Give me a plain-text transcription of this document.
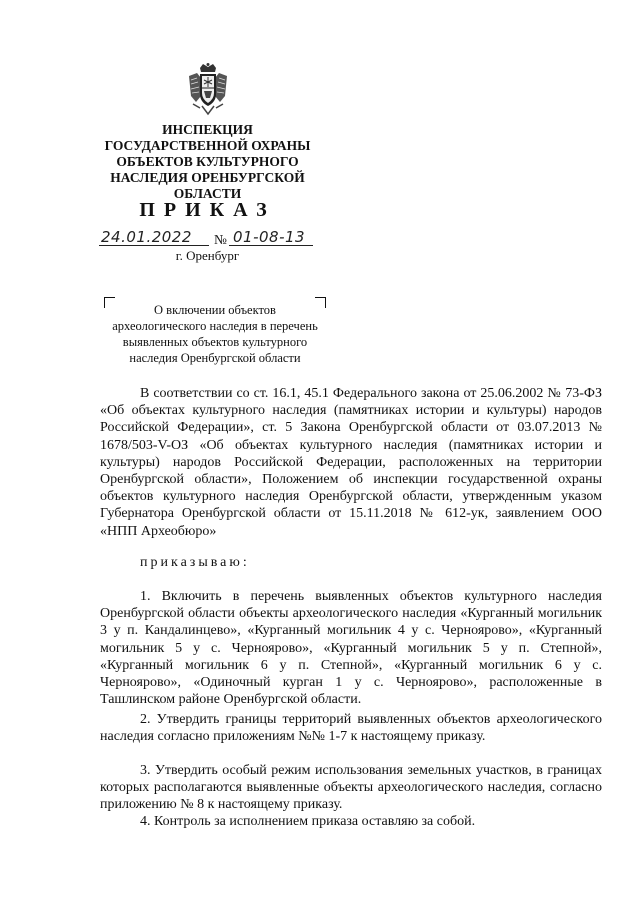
ИНСПЕКЦИЯ
ГОСУДАРСТВЕННОЙ ОХРАНЫ
ОБЪЕКТОВ КУЛЬТУРНОГО
НАСЛЕДИЯ ОРЕНБУРГСКОЙ
ОБЛАСТИ
ПРИКАЗ
24.01.2022 № 01-08-13
г. Оренбург
О включении объектов
археологического наследия в перечень
выявленных объектов культурного
наследия Оренбургской области
В соответствии со ст. 16.1, 45.1 Федерального закона от 25.06.2002 № 73-ФЗ «Об объектах культурного наследия (памятниках истории и культуры) народов Российской Федерации», ст. 5 Закона Оренбургской области от 03.07.2013 № 1678/503-V-ОЗ «Об объектах культурного наследия (памятниках истории и культуры) народов Российской Федерации, расположенных на территории Оренбургской области», Положением об инспекции государственной охраны объектов культурного наследия Оренбургской области, утвержденным указом Губернатора Оренбургской области от 15.11.2018 № 612-ук, заявлением ООО «НПП Археобюро»
приказываю:
1. Включить в перечень выявленных объектов культурного наследия Оренбургской области объекты археологического наследия «Курганный могильник 3 у п. Кандалинцево», «Курганный могильник 4 у с. Черноярово», «Курганный могильник 5 у с. Черноярово», «Курганный могильник 5 у п. Степной», «Курганный могильник 6 у п. Степной», «Курганный могильник 6 у с. Черноярово», «Одиночный курган 1 у с. Черноярово», расположенные в Ташлинском районе Оренбургской области.
2. Утвердить границы территорий выявленных объектов археологического наследия согласно приложениям №№ 1-7 к настоящему приказу.
3. Утвердить особый режим использования земельных участков, в границах которых располагаются выявленные объекты археологического наследия, согласно приложению № 8 к настоящему приказу.
4. Контроль за исполнением приказа оставляю за собой.
